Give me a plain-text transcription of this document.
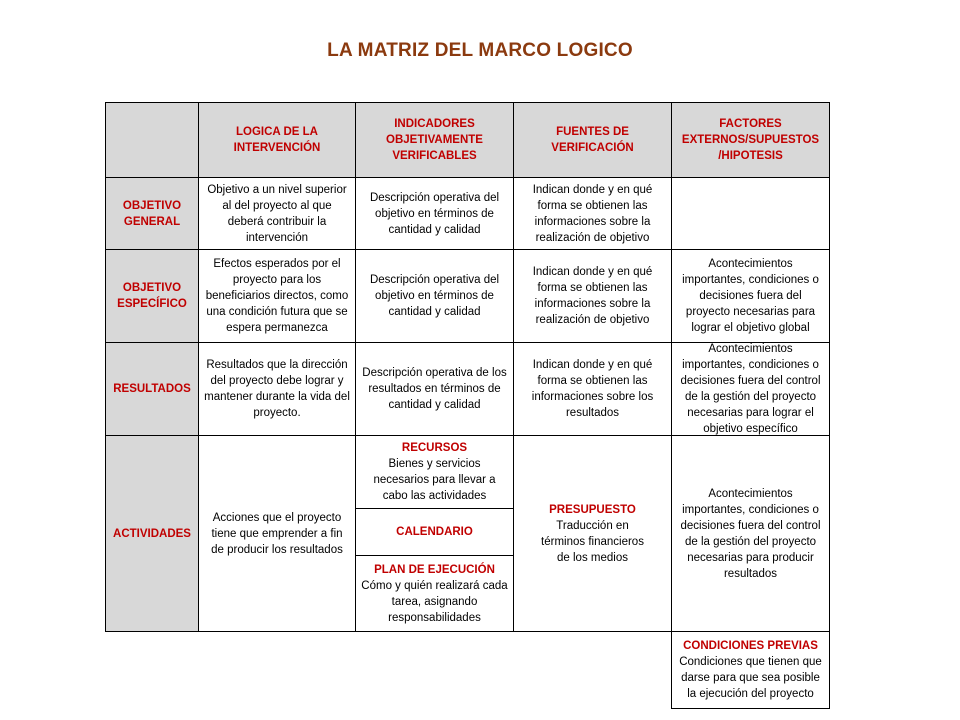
LA MATRIZ DEL MARCO LOGICO
LOGICA DE LA INTERVENCIÓN
INDICADORES OBJETIVAMENTE VERIFICABLES
FUENTES DE VERIFICACIÓN
FACTORES EXTERNOS/SUPUESTOS /HIPOTESIS
OBJETIVO GENERAL
Objetivo a un nivel superior al del proyecto al que deberá contribuir la intervención
Descripción operativa del objetivo en términos de cantidad y calidad
Indican donde y en qué forma se obtienen las informaciones sobre la realización de objetivo
OBJETIVO ESPECÍFICO
Efectos esperados por el proyecto para los beneficiarios directos, como una condición futura que se espera permanezca
Descripción operativa del objetivo en términos de cantidad y calidad
Indican donde y en qué forma se obtienen las informaciones sobre la realización de objetivo
Acontecimientos importantes, condiciones o decisiones fuera del proyecto necesarias para lograr el objetivo global
RESULTADOS
Resultados que la dirección del proyecto debe lograr y mantener durante la vida del proyecto.
Descripción operativa de los resultados en términos de cantidad y calidad
Indican donde y en qué forma se obtienen las informaciones sobre los resultados
Acontecimientos importantes, condiciones o decisiones fuera del control de la gestión del proyecto necesarias para lograr el objetivo específico
ACTIVIDADES
Acciones que el proyecto tiene que emprender a fin de producir los resultados
RECURSOS
Bienes y servicios necesarios para llevar a cabo las actividades
CALENDARIO
PLAN DE EJECUCIÓN
Cómo y quién realizará cada tarea, asignando responsabilidades
PRESUPUESTO
Traducción en términos financieros de los medios
Acontecimientos importantes, condiciones o decisiones fuera del control de la gestión del proyecto necesarias para producir resultados
CONDICIONES PREVIAS
Condiciones que tienen que darse para que sea posible la ejecución del proyecto
